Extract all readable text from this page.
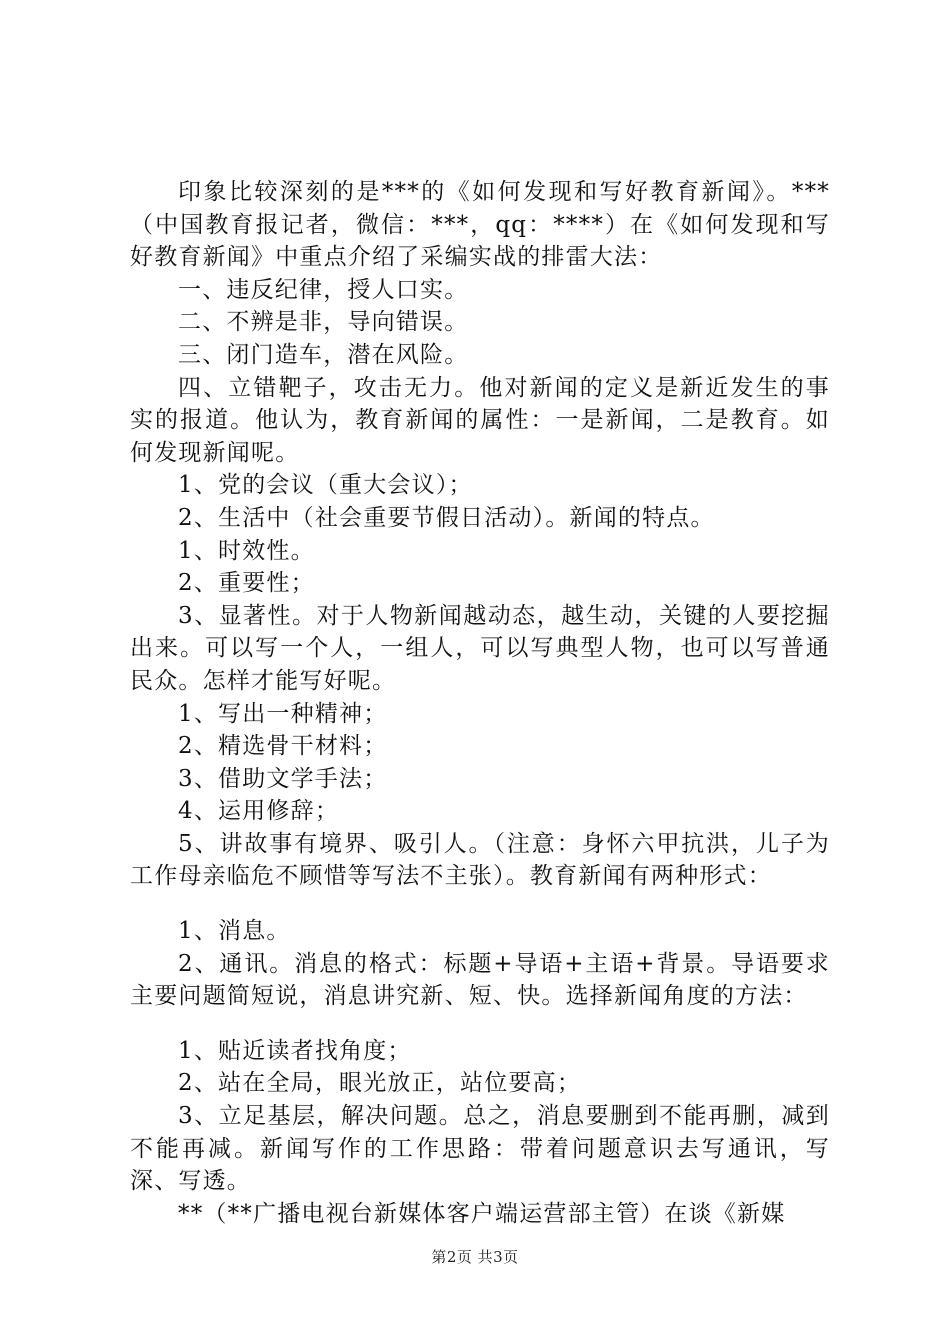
印象比较深刻的是***的《如何发现和写好教育新闻》。***（中国教育报记者，微信：***，qq：****）在《如何发现和写好教育新闻》中重点介绍了采编实战的排雷大法：

一、违反纪律，授人口实。

二、不辨是非，导向错误。

三、闭门造车，潜在风险。

四、立错靶子，攻击无力。他对新闻的定义是新近发生的事实的报道。他认为，教育新闻的属性：一是新闻，二是教育。如何发现新闻呢。

1、党的会议（重大会议）；

2、生活中（社会重要节假日活动）。新闻的特点。

1、时效性。

2、重要性；

3、显著性。对于人物新闻越动态，越生动，关键的人要挖掘出来。可以写一个人，一组人，可以写典型人物，也可以写普通民众。怎样才能写好呢。

1、写出一种精神；

2、精选骨干材料；

3、借助文学手法；

4、运用修辞；

5、讲故事有境界、吸引人。（注意：身怀六甲抗洪，儿子为工作母亲临危不顾惜等写法不主张）。教育新闻有两种形式：

1、消息。

2、通讯。消息的格式：标题+导语+主语+背景。导语要求主要问题简短说，消息讲究新、短、快。选择新闻角度的方法：

1、贴近读者找角度；

2、站在全局，眼光放正，站位要高；

3、立足基层，解决问题。总之，消息要删到不能再删，减到不能再减。新闻写作的工作思路：带着问题意识去写通讯，写深、写透。

**（**广播电视台新媒体客户端运营部主管）在谈《新媒

第2页 共3页
